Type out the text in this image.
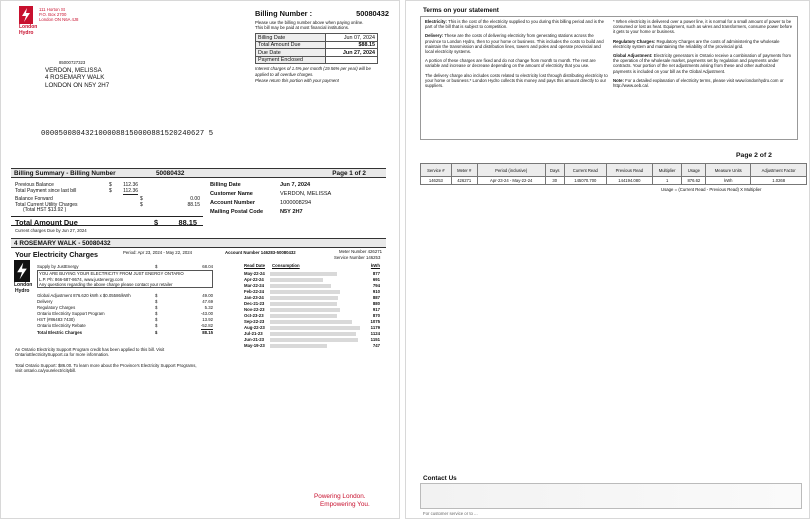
London
Hydro
111 Horton St
P.O. Box 2700
London ON N6A 4J8
85000727323
VERDON, MELISSA
4 ROSEMARY WALK
LONDON ON N5Y 2H7
Billing Number :	50080432
Please use the billing number above when paying online.
This bill may be paid at most financial institutions.
Billing Date	Jun 07, 2024
Total Amount Due	$88.15
Due Date	Jun 27, 2024
Payment Enclosed	
Interest charges of 1.5% per month (19.56% per year) will be applied to all overdue charges.
Please return this portion with your payment
0000500804321000088150000881520240627 5
Billing Summary - Billing Number	50080432	Page 1 of 2
Previous Balance	$ 112.36
Total Payment since last bill	$ 112.36
Balance Forward	$	0.00
Total Current Utility Charges	$	88.15
(Total HST $13.92 )
Total Amount Due	$	88.15
Current charges Due by Jun 27, 2024
Billing Date	Jun 7, 2024
Customer Name	VERDON, MELISSA
Account Number	1000008294
Mailing Postal Code	N5Y 2H7
4 ROSEMARY WALK - 50080432
Your Electricity Charges	Period: Apr 23, 2024 - May 22, 2024	Account Number 146283-50080432	Meter Number 426271
Service Number 146253
London
Hydro
Supply by JustEnergy	$	68.04
YOU ARE BUYING YOUR ELECTRICITY FROM JUST ENERGY ONTARIO
L.P. Ph: 866-587-8674, www.justenergy.com
Any questions regarding the above charge please contact your retailer
Global Adjustment 876.620 kWh x $0.05586/kWh	$	49.00
Delivery	$	47.69
Regulatory Charges	$	5.32
Ontario Electricity Support Program	$	-43.00
HST (#86483 7430)	$	13.92
Ontario Electricity Rebate	$	-52.82
Total Electric Charges	$	88.15
An Ontario Electricity Support Program credit has been applied to this bill. Visit
OntarioElectricitySupport.ca for more information.
Total Ontario Support: $86.00. To learn more about the Province's Electricity Support Programs,
visit ontario.ca/yourelectricitybill.
Read Date Consumption	kWh
May-22-24	877
Apr-22-24	691
Mar-22-24	794
Feb-22-24	910
Jan-23-24	887
Dec-21-23	880
Nov-22-23	917
Oct-23-23	870
Sep-22-23	1075
Aug-22-23	1179
Jul-21-23	1124
Jun-21-23	1151
May-19-23	747
Powering London.
Empowering You.
Terms on your statement

Electricity: This is the cost of the electricity supplied to you during this billing period and is the part of the bill that is subject to competition.

Delivery: These are the costs of delivering electricity from generating stations across the province to London Hydro, then to your home or business. This includes the costs to build and maintain the transmission and distribution lines, towers and poles and operate provincial and local electricity systems.

A portion of these charges are fixed and do not change from month to month. The rest are variable and increase or decrease depending on the amount of electricity that you use.

The delivery charge also includes costs related to electricity lost through distributing electricity to your home or business.* London Hydro collects this money and pays this amount directly to our suppliers.

* When electricity is delivered over a power line, it is normal for a small amount of power to be consumed or lost as heat. Equipment, such as wires and transformers, consume power before it gets to your home or business.

Regulatory Charges: Regulatory Charges are the costs of administering the wholesale electricity system and maintaining the reliability of the provincial grid.

Global Adjustment: Electricity generators in Ontario receive a combination of payments from the operation of the wholesale market, payments set by regulation and payments under contracts. Your portion of the net adjustments arising from these and other authorized payments is included on your bill as the Global Adjustment.

Note: For a detailed explanation of electricity terms, please visit www.londonhydro.com or http://www.oeb.ca/.

Page 2 of 2
Service #	Meter #	Period (inclusive)	Days	Current Read	Previous Read	Multiplier	Usage	Measure Units	Adjustment Factor
146253	426271	Apr-23-24 - May-22-24	30	145070.700	144194.080	1	876.62	kWh	1.0268
Usage = (Current Read - Previous Read) X Multiplier
Contact Us
For customer service or to ...
